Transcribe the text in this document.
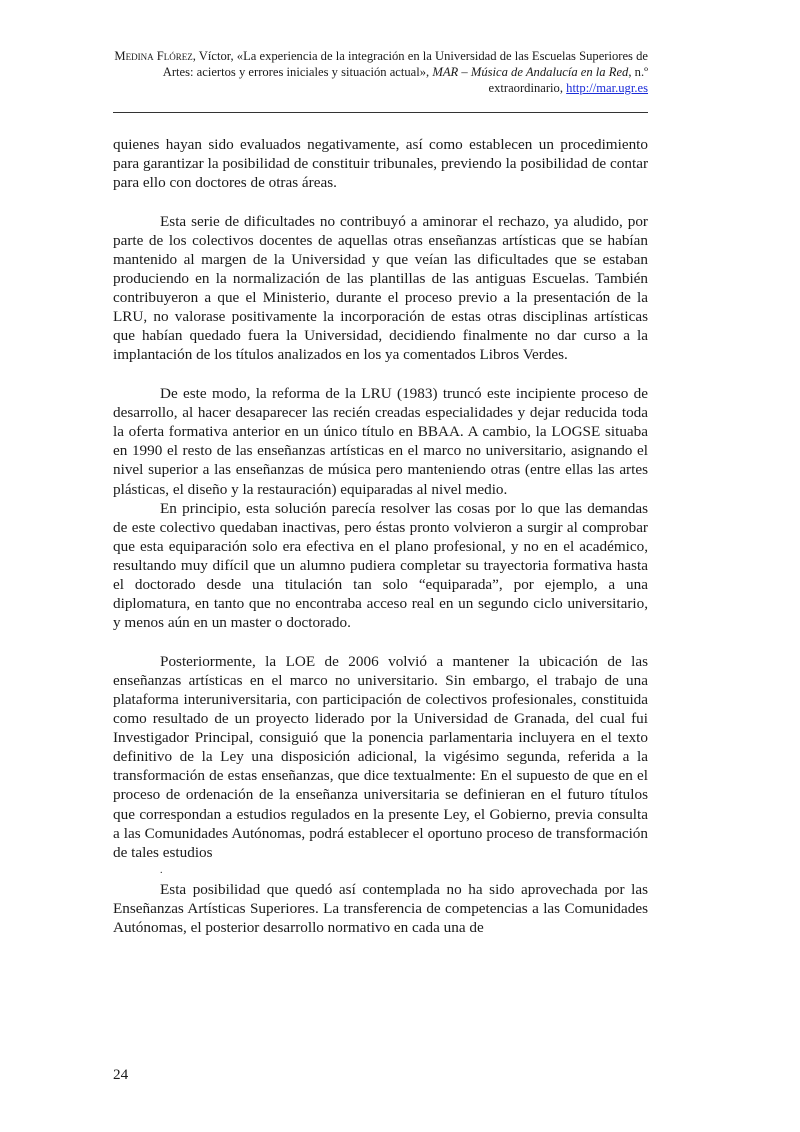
Medina Flórez, Víctor, «La experiencia de la integración en la Universidad de las Escuelas Superiores de Artes: aciertos y errores iniciales y situación actual», MAR – Música de Andalucía en la Red, n.º extraordinario, http://mar.ugr.es

quienes hayan sido evaluados negativamente, así como establecen un procedimiento para garantizar la posibilidad de constituir tribunales, previendo la posibilidad de contar para ello con doctores de otras áreas.

Esta serie de dificultades no contribuyó a aminorar el rechazo, ya aludido, por parte de los colectivos docentes de aquellas otras enseñanzas artísticas que se habían mantenido al margen de la Universidad y que veían las dificultades que se estaban produciendo en la normalización de las plantillas de las antiguas Escuelas. También contribuyeron a que el Ministerio, durante el proceso previo a la presentación de la LRU, no valorase positivamente la incorporación de estas otras disciplinas artísticas que habían quedado fuera la Universidad, decidiendo finalmente no dar curso a la implantación de los títulos analizados en los ya comentados Libros Verdes.

De este modo, la reforma de la LRU (1983) truncó este incipiente proceso de desarrollo, al hacer desaparecer las recién creadas especialidades y dejar reducida toda la oferta formativa anterior en un único título en BBAA. A cambio, la LOGSE situaba en 1990 el resto de las enseñanzas artísticas en el marco no universitario, asignando el nivel superior a las enseñanzas de música pero manteniendo otras (entre ellas las artes plásticas, el diseño y la restauración) equiparadas al nivel medio.

En principio, esta solución parecía resolver las cosas por lo que las demandas de este colectivo quedaban inactivas, pero éstas pronto volvieron a surgir al comprobar que esta equiparación solo era efectiva en el plano profesional, y no en el académico, resultando muy difícil que un alumno pudiera completar su trayectoria formativa hasta el doctorado desde una titulación tan solo “equiparada”, por ejemplo, a una diplomatura, en tanto que no encontraba acceso real en un segundo ciclo universitario, y menos aún en un master o doctorado.

Posteriormente, la LOE de 2006 volvió a mantener la ubicación de las enseñanzas artísticas en el marco no universitario. Sin embargo, el trabajo de una plataforma interuniversitaria, con participación de colectivos profesionales, constituida como resultado de un proyecto liderado por la Universidad de Granada, del cual fui Investigador Principal, consiguió que la ponencia parlamentaria incluyera en el texto definitivo de la Ley una disposición adicional, la vigésimo segunda, referida a la transformación de estas enseñanzas, que dice textualmente: En el supuesto de que en el proceso de ordenación de la enseñanza universitaria se definieran en el futuro títulos que correspondan a estudios regulados en la presente Ley, el Gobierno, previa consulta a las Comunidades Autónomas, podrá establecer el oportuno proceso de transformación de tales estudios

.

Esta posibilidad que quedó así contemplada no ha sido aprovechada por las Enseñanzas Artísticas Superiores. La transferencia de competencias a las Comunidades Autónomas, el posterior desarrollo normativo en cada una de

24
